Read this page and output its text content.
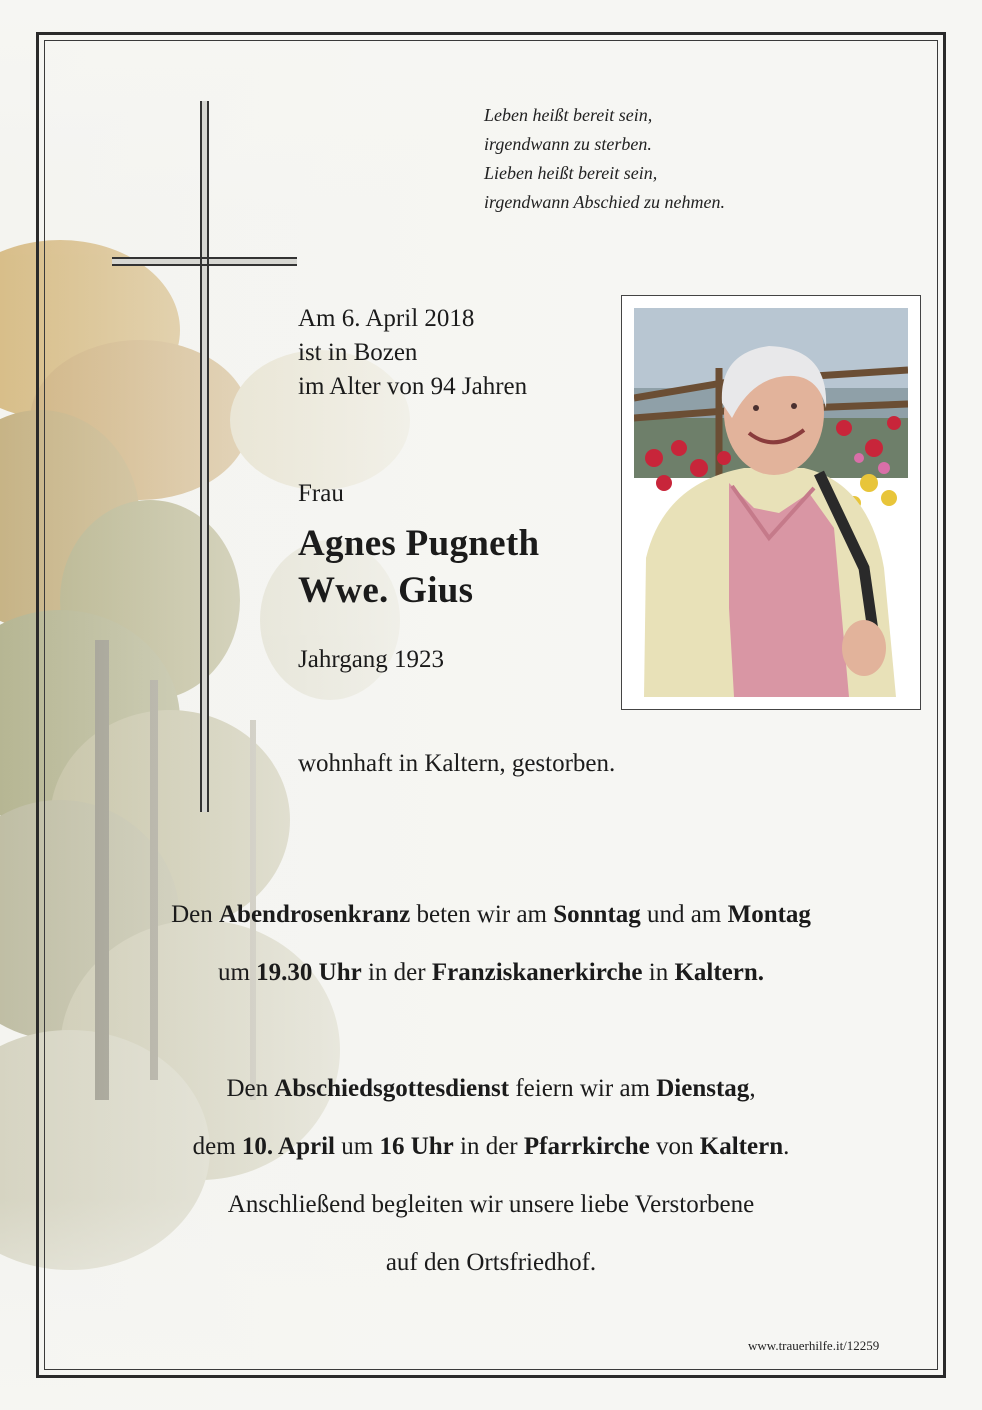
Leben heißt bereit sein,
irgendwann zu sterben.
Lieben heißt bereit sein,
irgendwann Abschied zu nehmen.
Am 6. April 2018
ist in Bozen
im Alter von 94 Jahren
Frau
Agnes Pugneth
Wwe. Gius
Jahrgang 1923
wohnhaft in Kaltern, gestorben.
Den Abendrosenkranz beten wir am Sonntag und am Montag
um 19.30 Uhr in der Franziskanerkirche in Kaltern.
Den Abschiedsgottesdienst feiern wir am Dienstag,
dem 10. April um 16 Uhr in der Pfarrkirche von Kaltern.
Anschließend begleiten wir unsere liebe Verstorbene
auf den Ortsfriedhof.
www.trauerhilfe.it/12259
